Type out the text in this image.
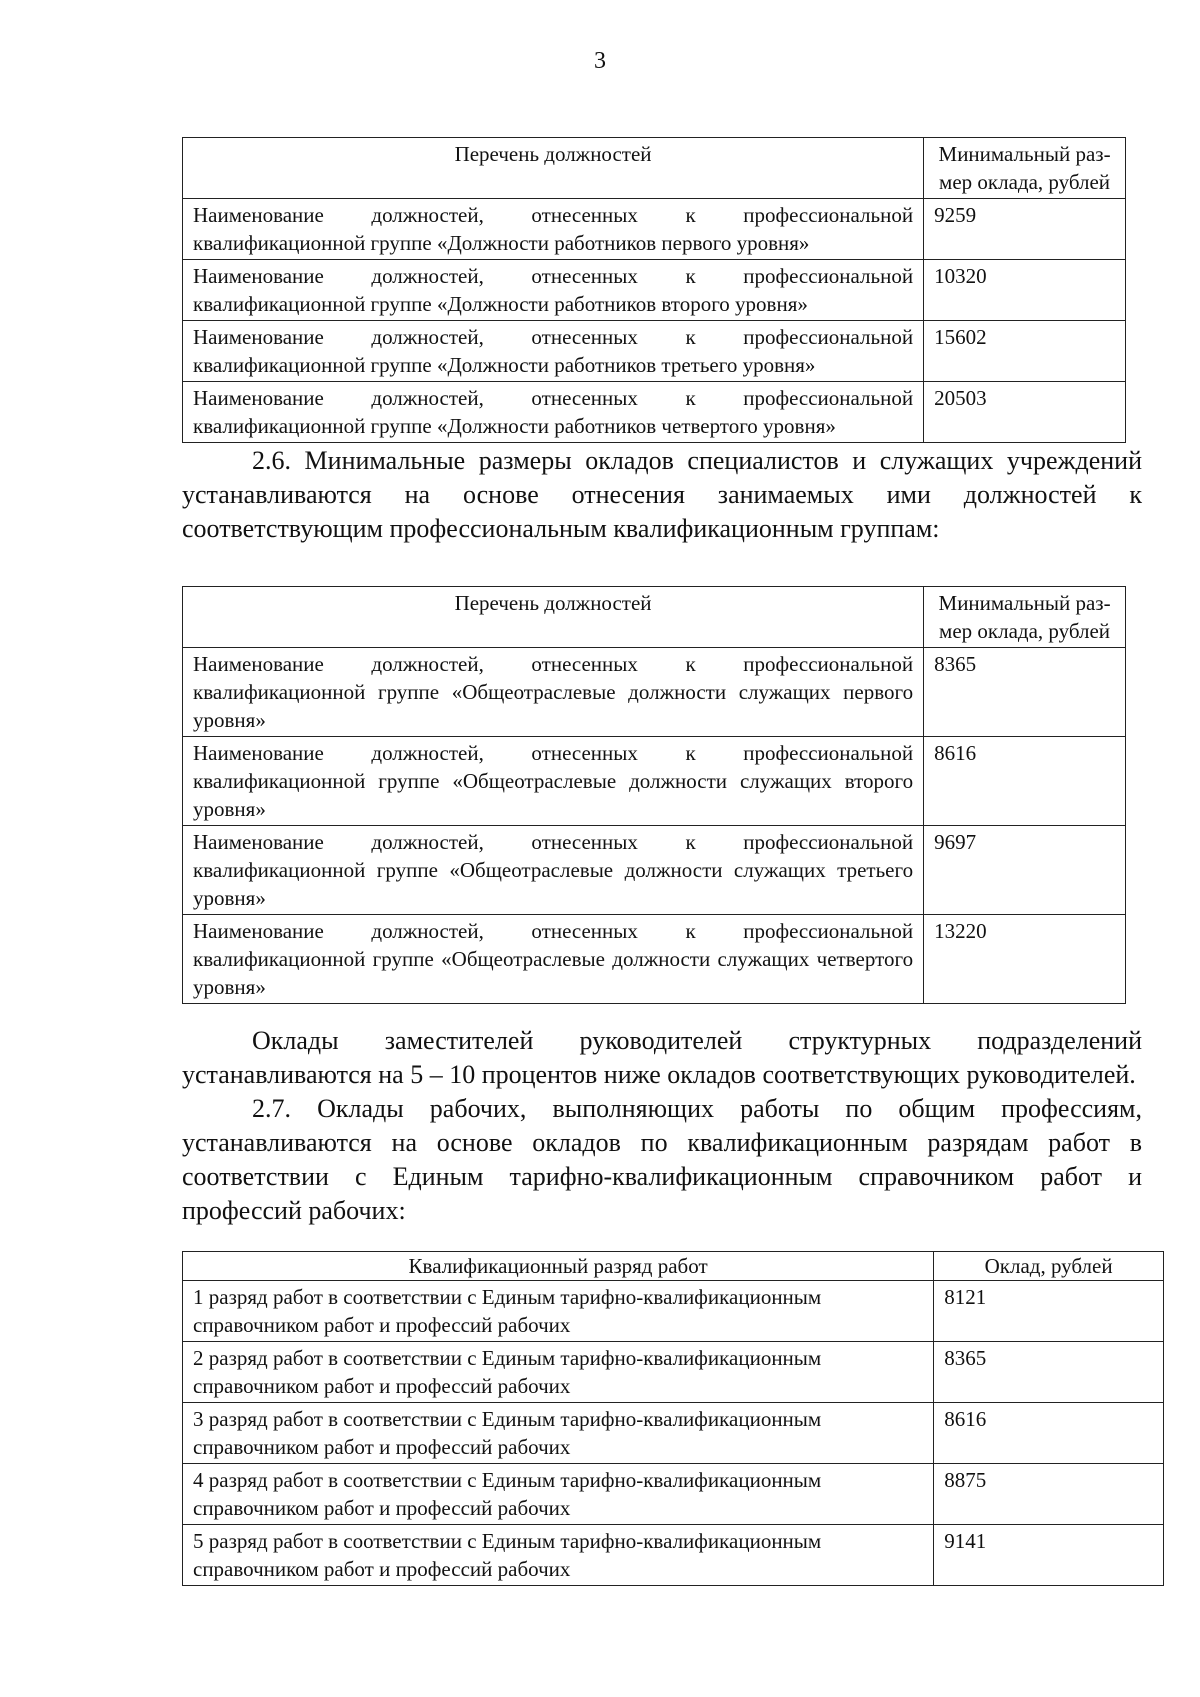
3
Перечень должностей	Минимальный раз-мер оклада, рублей
Наименование должностей, отнесенных к профессиональной квалификационной группе «Должности работников первого уровня»	9259
Наименование должностей, отнесенных к профессиональной квалификационной группе «Должности работников второго уровня»	10320
Наименование должностей, отнесенных к профессиональной квалификационной группе «Должности работников третьего уровня»	15602
Наименование должностей, отнесенных к профессиональной квалификационной группе «Должности работников четвертого уровня»	20503

2.6. Минимальные размеры окладов специалистов и служащих учреждений устанавливаются на основе отнесения занимаемых ими должностей к соответствующим профессиональным квалификационным группам:

Перечень должностей	Минимальный раз-мер оклада, рублей
Наименование должностей, отнесенных к профессиональной квалификационной группе «Общеотраслевые должности служащих первого уровня»	8365
Наименование должностей, отнесенных к профессиональной квалификационной группе «Общеотраслевые должности служащих второго уровня»	8616
Наименование должностей, отнесенных к профессиональной квалификационной группе «Общеотраслевые должности служащих третьего уровня»	9697
Наименование должностей, отнесенных к профессиональной квалификационной группе «Общеотраслевые должности служащих четвертого уровня»	13220

Оклады заместителей руководителей структурных подразделений устанавливаются на 5 – 10 процентов ниже окладов соответствующих руководителей.

2.7. Оклады рабочих, выполняющих работы по общим профессиям, устанавливаются на основе окладов по квалификационным разрядам работ в соответствии с Единым тарифно-квалификационным справочником работ и профессий рабочих:

Квалификационный разряд работ	Оклад, рублей
1 разряд работ в соответствии с Единым тарифно-квалификационным справочником работ и профессий рабочих	8121
2 разряд работ в соответствии с Единым тарифно-квалификационным справочником работ и профессий рабочих	8365
3 разряд работ в соответствии с Единым тарифно-квалификационным справочником работ и профессий рабочих	8616
4 разряд работ в соответствии с Единым тарифно-квалификационным справочником работ и профессий рабочих	8875
5 разряд работ в соответствии с Единым тарифно-квалификационным справочником работ и профессий рабочих	9141
